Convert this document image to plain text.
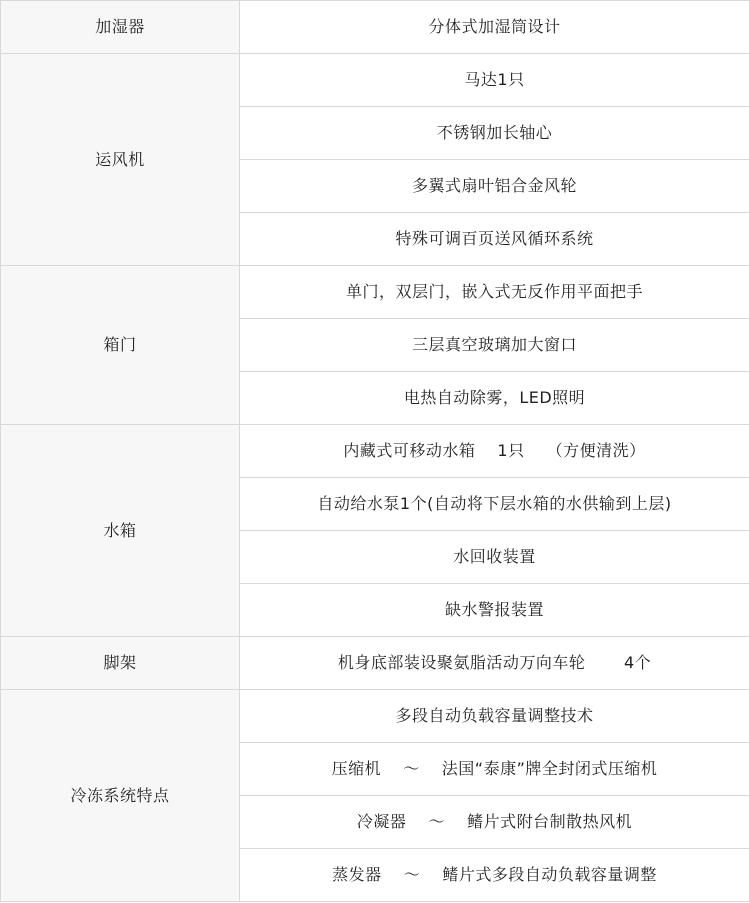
加湿器	分体式加湿筒设计
运风机	马达1只
	不锈钢加长轴心
	多翼式扇叶铝合金风轮
	特殊可调百页送风循环系统
箱门	单门，双层门，嵌入式无反作用平面把手
	三层真空玻璃加大窗口
	电热自动除雾，LED照明
水箱	内藏式可移动水箱　 1只　 （方便清洗）
	自动给水泵1个(自动将下层水箱的水供输到上层)
	水回收装置
	缺水警报装置
脚架	机身底部装设聚氨脂活动万向车轮　　 4个
冷冻系统特点	多段自动负载容量调整技术
	压缩机　 ～　 法国“泰康”牌全封闭式压缩机
	冷凝器　 ～　 鳍片式附台制散热风机
	蒸发器　 ～　 鳍片式多段自动负载容量调整
